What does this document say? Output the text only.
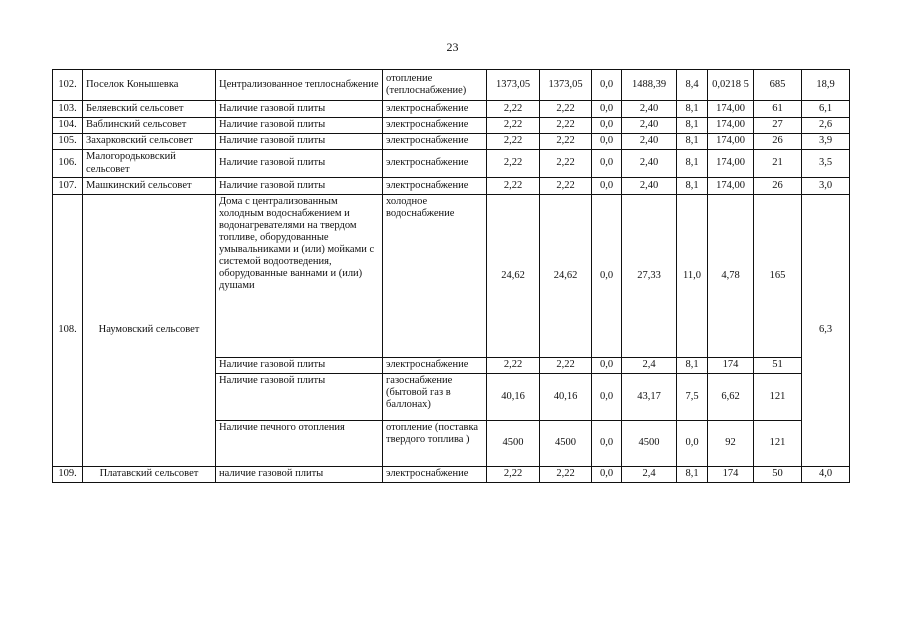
23
102.	Поселок Конышевка	Централизованное теплоснабжение	отопление (теплоснабжение)	1373,05	1373,05	0,0	1488,39	8,4	0,0218 5	685	18,9
103.	Беляевский сельсовет	Наличие газовой плиты	электроснабжение	2,22	2,22	0,0	2,40	8,1	174,00	61	6,1
104.	Ваблинский сельсовет	Наличие газовой плиты	электроснабжение	2,22	2,22	0,0	2,40	8,1	174,00	27	2,6
105.	Захарковский сельсовет	Наличие газовой плиты	электроснабжение	2,22	2,22	0,0	2,40	8,1	174,00	26	3,9
106.	Малогородьковский сельсовет	Наличие газовой плиты	электроснабжение	2,22	2,22	0,0	2,40	8,1	174,00	21	3,5
107.	Машкинский сельсовет	Наличие газовой плиты	электроснабжение	2,22	2,22	0,0	2,40	8,1	174,00	26	3,0
108.	Наумовский сельсовет	Дома с централизованным холодным водоснабжением и водонагревателями на твердом топливе, оборудованные умывальниками и (или) мойками с системой водоотведения, оборудованные ваннами и (или) душами	холодное водоснабжение	24,62	24,62	0,0	27,33	11,0	4,78	165	6,3
		Наличие газовой плиты	электроснабжение	2,22	2,22	0,0	2,4	8,1	174	51	
		Наличие газовой плиты	газоснабжение (бытовой газ в баллонах)	40,16	40,16	0,0	43,17	7,5	6,62	121	
		Наличие печного отопления	отопление (поставка твердого топлива )	4500	4500	0,0	4500	0,0	92	121	
109.	Платавский сельсовет	наличие газовой плиты	электроснабжение	2,22	2,22	0,0	2,4	8,1	174	50	4,0
